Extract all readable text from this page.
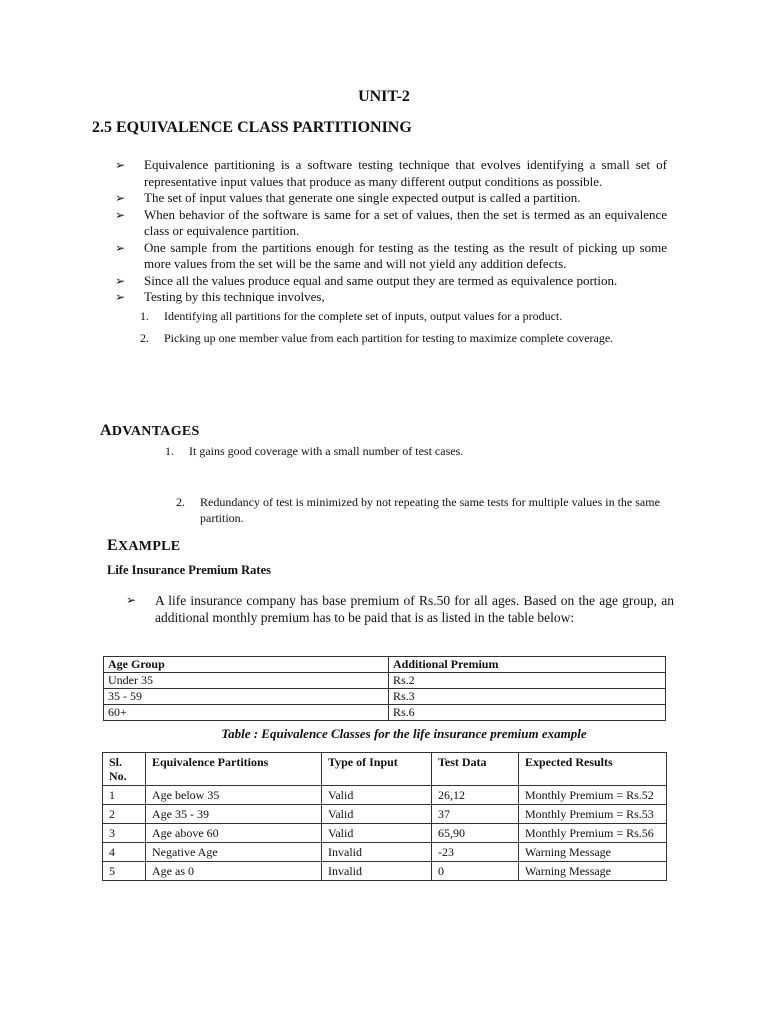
UNIT-2
2.5 EQUIVALENCE CLASS PARTITIONING
➢ Equivalence partitioning is a software testing technique that evolves identifying a small set of representative input values that produce as many different output conditions as possible.
➢ The set of input values that generate one single expected output is called a partition.
➢ When behavior of the software is same for a set of values, then the set is termed as an equivalence class or equivalence partition.
➢ One sample from the partitions enough for testing as the testing as the result of picking up some more values from the set will be the same and will not yield any addition defects.
➢ Since all the values produce equal and same output they are termed as equivalence portion.
➢ Testing by this technique involves,
1. Identifying all partitions for the complete set of inputs, output values for a product.
2. Picking up one member value from each partition for testing to maximize complete coverage.
ADVANTAGES
1. It gains good coverage with a small number of test cases.
2. Redundancy of test is minimized by not repeating the same tests for multiple values in the same partition.
EXAMPLE
Life Insurance Premium Rates
➢ A life insurance company has base premium of Rs.50 for all ages. Based on the age group, an additional monthly premium has to be paid that is as listed in the table below:
Age Group	Additional Premium
Under 35	Rs.2
35 - 59	Rs.3
60+	Rs.6
Table : Equivalence Classes for the life insurance premium example
Sl. No.	Equivalence Partitions	Type of Input	Test Data	Expected Results
1	Age below 35	Valid	26,12	Monthly Premium = Rs.52
2	Age 35 - 39	Valid	37	Monthly Premium = Rs.53
3	Age above 60	Valid	65,90	Monthly Premium = Rs.56
4	Negative Age	Invalid	-23	Warning Message
5	Age as 0	Invalid	0	Warning Message
